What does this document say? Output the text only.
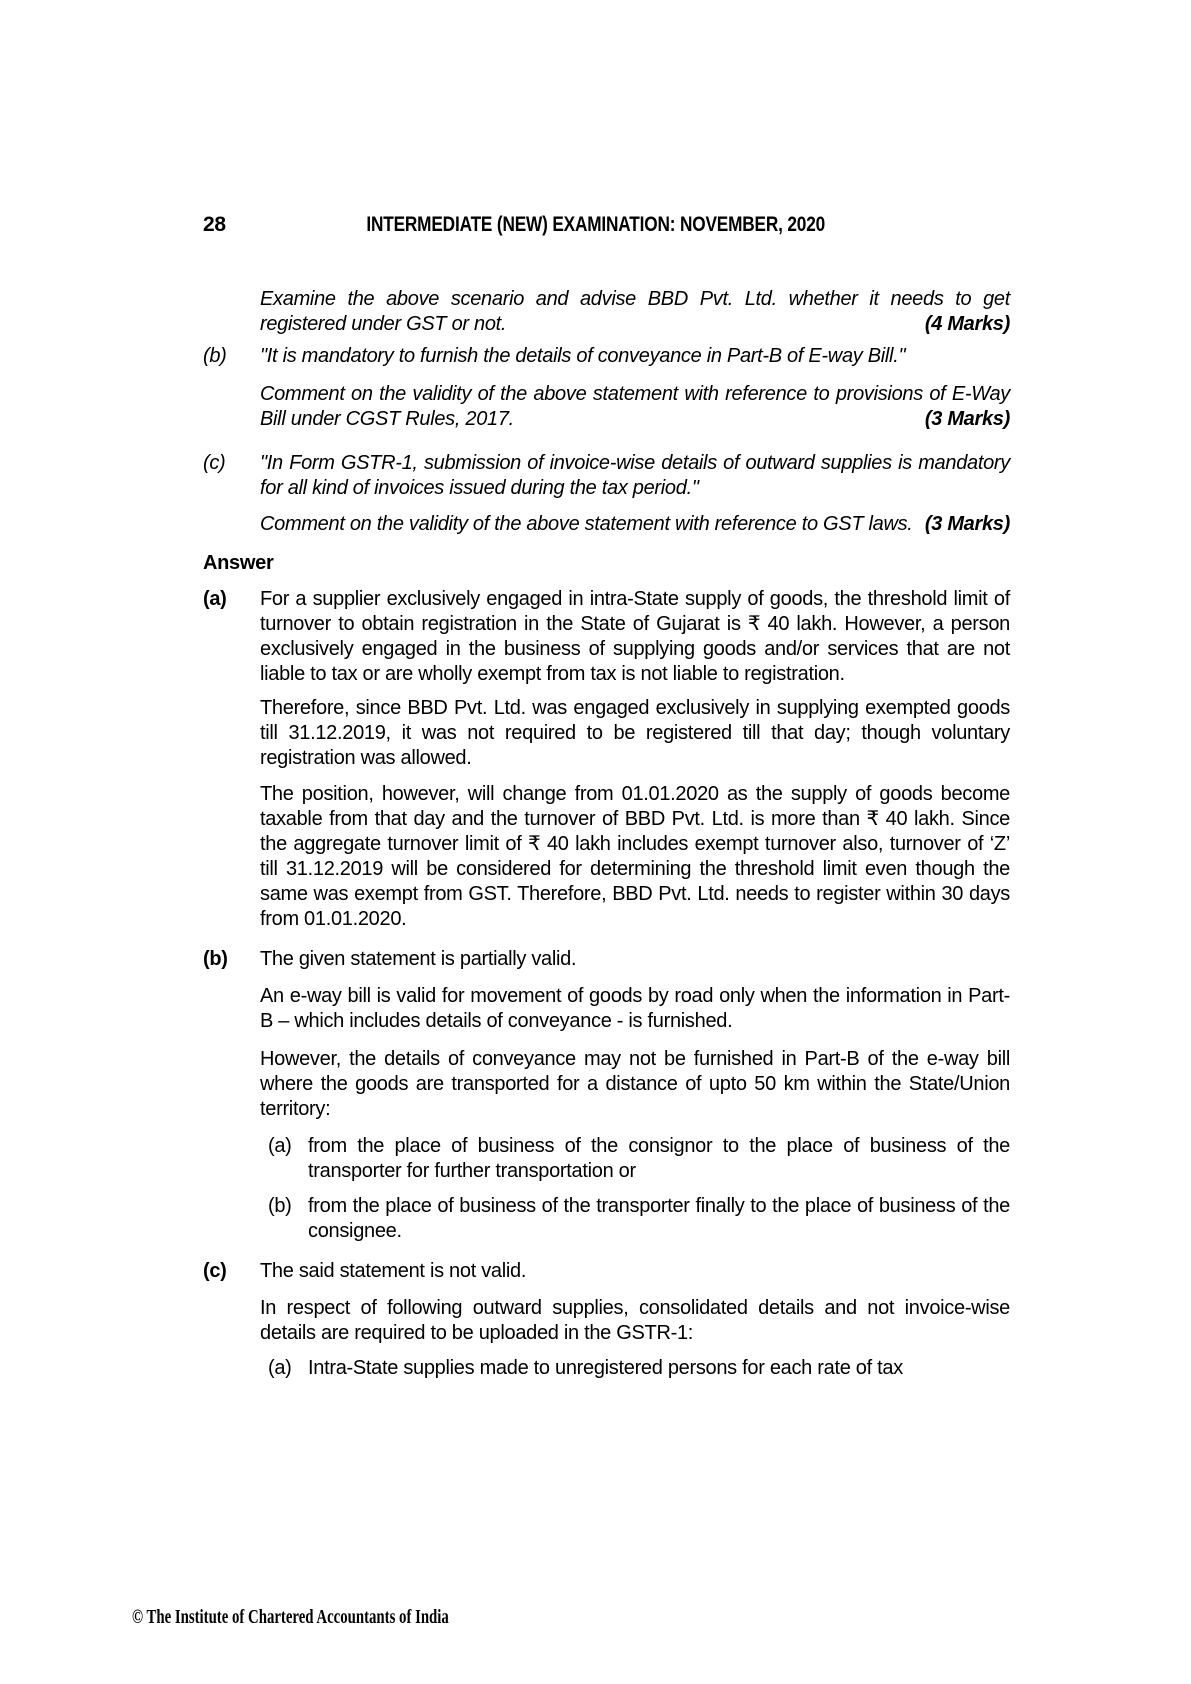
28	INTERMEDIATE (NEW) EXAMINATION: NOVEMBER, 2020
Examine the above scenario and advise BBD Pvt. Ltd. whether it needs to get registered under GST or not.	(4 Marks)
(b) "It is mandatory to furnish the details of conveyance in Part-B of E-way Bill."
Comment on the validity of the above statement with reference to provisions of E-Way Bill under CGST Rules, 2017.	(3 Marks)
(c) "In Form GSTR-1, submission of invoice-wise details of outward supplies is mandatory for all kind of invoices issued during the tax period."
Comment on the validity of the above statement with reference to GST laws. (3 Marks)
Answer
(a) For a supplier exclusively engaged in intra-State supply of goods, the threshold limit of turnover to obtain registration in the State of Gujarat is ₹ 40 lakh. However, a person exclusively engaged in the business of supplying goods and/or services that are not liable to tax or are wholly exempt from tax is not liable to registration.
Therefore, since BBD Pvt. Ltd. was engaged exclusively in supplying exempted goods till 31.12.2019, it was not required to be registered till that day; though voluntary registration was allowed.
The position, however, will change from 01.01.2020 as the supply of goods become taxable from that day and the turnover of BBD Pvt. Ltd. is more than ₹ 40 lakh. Since the aggregate turnover limit of ₹ 40 lakh includes exempt turnover also, turnover of ‘Z’ till 31.12.2019 will be considered for determining the threshold limit even though the same was exempt from GST. Therefore, BBD Pvt. Ltd. needs to register within 30 days from 01.01.2020.
(b) The given statement is partially valid.
An e-way bill is valid for movement of goods by road only when the information in Part-B – which includes details of conveyance - is furnished.
However, the details of conveyance may not be furnished in Part-B of the e-way bill where the goods are transported for a distance of upto 50 km within the State/Union territory:
(a) from the place of business of the consignor to the place of business of the transporter for further transportation or
(b) from the place of business of the transporter finally to the place of business of the consignee.
(c) The said statement is not valid.
In respect of following outward supplies, consolidated details and not invoice-wise details are required to be uploaded in the GSTR-1:
(a) Intra-State supplies made to unregistered persons for each rate of tax
© The Institute of Chartered Accountants of India
